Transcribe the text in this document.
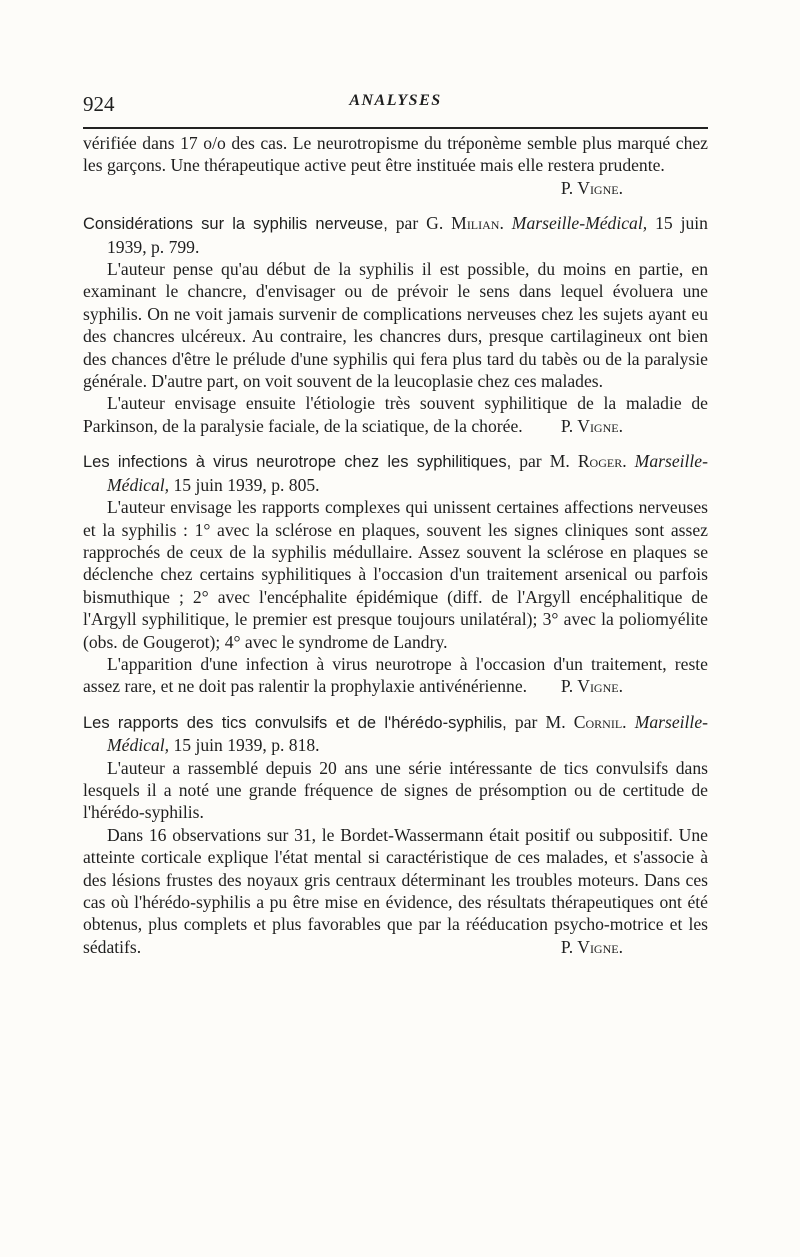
924	ANALYSES

vérifiée dans 17 o/o des cas. Le neurotropisme du tréponème semble plus marqué chez les garçons. Une thérapeutique active peut être instituée mais elle restera prudente.
P. Vigne.

Considérations sur la syphilis nerveuse, par G. Milian. Marseille-Médical, 15 juin 1939, p. 799.

L'auteur pense qu'au début de la syphilis il est possible, du moins en partie, en examinant le chancre, d'envisager ou de prévoir le sens dans lequel évoluera une syphilis. On ne voit jamais survenir de complications nerveuses chez les sujets ayant eu des chancres ulcéreux. Au contraire, les chancres durs, presque cartilagineux ont bien des chances d'être le prélude d'une syphilis qui fera plus tard du tabès ou de la paralysie générale. D'autre part, on voit souvent de la leucoplasie chez ces malades.

L'auteur envisage ensuite l'étiologie très souvent syphilitique de la maladie de Parkinson, de la paralysie faciale, de la sciatique, de la chorée.	P. Vigne.

Les infections à virus neurotrope chez les syphilitiques, par M. Roger. Marseille-Médical, 15 juin 1939, p. 805.

L'auteur envisage les rapports complexes qui unissent certaines affections nerveuses et la syphilis : 1° avec la sclérose en plaques, souvent les signes cliniques sont assez rapprochés de ceux de la syphilis médullaire. Assez souvent la sclérose en plaques se déclenche chez certains syphilitiques à l'occasion d'un traitement arsenical ou parfois bismuthique ; 2° avec l'encéphalite épidémique (diff. de l'Argyll encéphalitique de l'Argyll syphilitique, le premier est presque toujours unilatéral); 3° avec la poliomyélite (obs. de Gougerot); 4° avec le syndrome de Landry.

L'apparition d'une infection à virus neurotrope à l'occasion d'un traitement, reste assez rare, et ne doit pas ralentir la prophylaxie antivénérienne.	P. Vigne.

Les rapports des tics convulsifs et de l'hérédo-syphilis, par M. Cornil. Marseille-Médical, 15 juin 1939, p. 818.

L'auteur a rassemblé depuis 20 ans une série intéressante de tics convulsifs dans lesquels il a noté une grande fréquence de signes de présomption ou de certitude de l'hérédo-syphilis.

Dans 16 observations sur 31, le Bordet-Wassermann était positif ou subpositif. Une atteinte corticale explique l'état mental si caractéristique de ces malades, et s'associe à des lésions frustes des noyaux gris centraux déterminant les troubles moteurs. Dans ces cas où l'hérédo-syphilis a pu être mise en évidence, des résultats thérapeutiques ont été obtenus, plus complets et plus favorables que par la rééducation psycho-motrice et les sédatifs.	P. Vigne.
